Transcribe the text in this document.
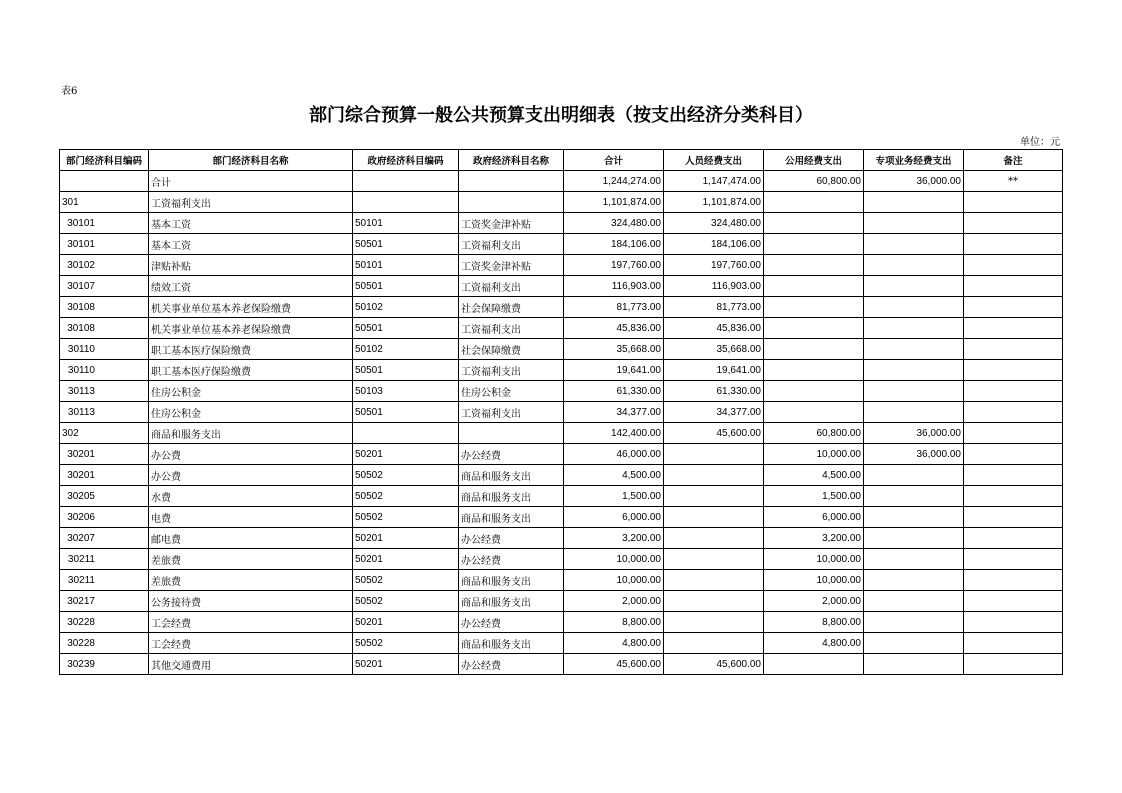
表6
部门综合预算一般公共预算支出明细表（按支出经济分类科目）
单位：元
部门经济科目编码	部门经济科目名称	政府经济科目编码	政府经济科目名称	合计	人员经费支出	公用经费支出	专项业务经费支出	备注
	合计			1,244,274.00	1,147,474.00	60,800.00	36,000.00	**
301	工资福利支出			1,101,874.00	1,101,874.00			
30101	基本工资	50101	工资奖金津补贴	324,480.00	324,480.00			
30101	基本工资	50501	工资福利支出	184,106.00	184,106.00			
30102	津贴补贴	50101	工资奖金津补贴	197,760.00	197,760.00			
30107	绩效工资	50501	工资福利支出	116,903.00	116,903.00			
30108	机关事业单位基本养老保险缴费	50102	社会保障缴费	81,773.00	81,773.00			
30108	机关事业单位基本养老保险缴费	50501	工资福利支出	45,836.00	45,836.00			
30110	职工基本医疗保险缴费	50102	社会保障缴费	35,668.00	35,668.00			
30110	职工基本医疗保险缴费	50501	工资福利支出	19,641.00	19,641.00			
30113	住房公积金	50103	住房公积金	61,330.00	61,330.00			
30113	住房公积金	50501	工资福利支出	34,377.00	34,377.00			
302	商品和服务支出			142,400.00	45,600.00	60,800.00	36,000.00	
30201	办公费	50201	办公经费	46,000.00		10,000.00	36,000.00	
30201	办公费	50502	商品和服务支出	4,500.00		4,500.00		
30205	水费	50502	商品和服务支出	1,500.00		1,500.00		
30206	电费	50502	商品和服务支出	6,000.00		6,000.00		
30207	邮电费	50201	办公经费	3,200.00		3,200.00		
30211	差旅费	50201	办公经费	10,000.00		10,000.00		
30211	差旅费	50502	商品和服务支出	10,000.00		10,000.00		
30217	公务接待费	50502	商品和服务支出	2,000.00		2,000.00		
30228	工会经费	50201	办公经费	8,800.00		8,800.00		
30228	工会经费	50502	商品和服务支出	4,800.00		4,800.00		
30239	其他交通费用	50201	办公经费	45,600.00	45,600.00			
